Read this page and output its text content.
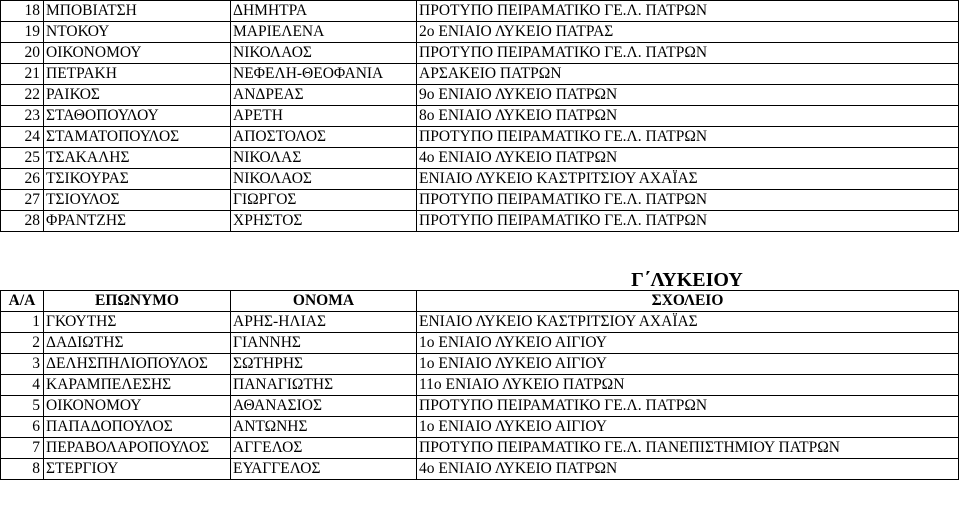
18	ΜΠΟΒΙΑΤΣΗ	ΔΗΜΗΤΡΑ	ΠΡΟΤΥΠΟ ΠΕΙΡΑΜΑΤΙΚΟ ΓΕ.Λ. ΠΑΤΡΩΝ
19	ΝΤΟΚΟΥ	ΜΑΡΙΕΛΕΝΑ	2ο ΕΝΙΑΙΟ ΛΥΚΕΙΟ ΠΑΤΡΑΣ
20	ΟΙΚΟΝΟΜΟΥ	ΝΙΚΟΛΑΟΣ	ΠΡΟΤΥΠΟ ΠΕΙΡΑΜΑΤΙΚΟ ΓΕ.Λ. ΠΑΤΡΩΝ
21	ΠΕΤΡΑΚΗ	ΝΕΦΕΛΗ-ΘΕΟΦΑΝΙΑ	ΑΡΣΑΚΕΙΟ ΠΑΤΡΩΝ
22	ΡΑΙΚΟΣ	ΑΝΔΡΕΑΣ	9ο ΕΝΙΑΙΟ ΛΥΚΕΙΟ ΠΑΤΡΩΝ
23	ΣΤΑΘΟΠΟΥΛΟΥ	ΑΡΕΤΗ	8ο ΕΝΙΑΙΟ ΛΥΚΕΙΟ ΠΑΤΡΩΝ
24	ΣΤΑΜΑΤΟΠΟΥΛΟΣ	ΑΠΟΣΤΟΛΟΣ	ΠΡΟΤΥΠΟ ΠΕΙΡΑΜΑΤΙΚΟ ΓΕ.Λ. ΠΑΤΡΩΝ
25	ΤΣΑΚΑΛΗΣ	ΝΙΚΟΛΑΣ	4ο ΕΝΙΑΙΟ ΛΥΚΕΙΟ ΠΑΤΡΩΝ
26	ΤΣΙΚΟΥΡΑΣ	ΝΙΚΟΛΑΟΣ	ΕΝΙΑΙΟ ΛΥΚΕΙΟ ΚΑΣΤΡΙΤΣΙΟΥ ΑΧΑΪΑΣ
27	ΤΣΙΟΥΛΟΣ	ΓΙΩΡΓΟΣ	ΠΡΟΤΥΠΟ ΠΕΙΡΑΜΑΤΙΚΟ ΓΕ.Λ. ΠΑΤΡΩΝ
28	ΦΡΑΝΤΖΗΣ	ΧΡΗΣΤΟΣ	ΠΡΟΤΥΠΟ ΠΕΙΡΑΜΑΤΙΚΟ ΓΕ.Λ. ΠΑΤΡΩΝ
Γ΄ΛΥΚΕΙΟΥ
Α/Α	ΕΠΩΝΥΜΟ	ΟΝΟΜΑ	ΣΧΟΛΕΙΟ
1	ΓΚΟΥΤΗΣ	ΑΡΗΣ-ΗΛΙΑΣ	ΕΝΙΑΙΟ ΛΥΚΕΙΟ ΚΑΣΤΡΙΤΣΙΟΥ ΑΧΑΪΑΣ
2	ΔΑΔΙΩΤΗΣ	ΓΙΑΝΝΗΣ	1ο ΕΝΙΑΙΟ ΛΥΚΕΙΟ ΑΙΓΙΟΥ
3	ΔΕΛΗΣΠΗΛΙΟΠΟΥΛΟΣ	ΣΩΤΗΡΗΣ	1ο ΕΝΙΑΙΟ ΛΥΚΕΙΟ ΑΙΓΙΟΥ
4	ΚΑΡΑΜΠΕΛΕΣΗΣ	ΠΑΝΑΓΙΩΤΗΣ	11ο ΕΝΙΑΙΟ ΛΥΚΕΙΟ ΠΑΤΡΩΝ
5	ΟΙΚΟΝΟΜΟΥ	ΑΘΑΝΑΣΙΟΣ	ΠΡΟΤΥΠΟ ΠΕΙΡΑΜΑΤΙΚΟ ΓΕ.Λ. ΠΑΤΡΩΝ
6	ΠΑΠΑΔΟΠΟΥΛΟΣ	ΑΝΤΩΝΗΣ	1ο ΕΝΙΑΙΟ ΛΥΚΕΙΟ ΑΙΓΙΟΥ
7	ΠΕΡΑΒΟΛΑΡΟΠΟΥΛΟΣ	ΑΓΓΕΛΟΣ	ΠΡΟΤΥΠΟ ΠΕΙΡΑΜΑΤΙΚΟ ΓΕ.Λ. ΠΑΝΕΠΙΣΤΗΜΙΟΥ ΠΑΤΡΩΝ
8	ΣΤΕΡΓΙΟΥ	ΕΥΑΓΓΕΛΟΣ	4ο ΕΝΙΑΙΟ ΛΥΚΕΙΟ ΠΑΤΡΩΝ
